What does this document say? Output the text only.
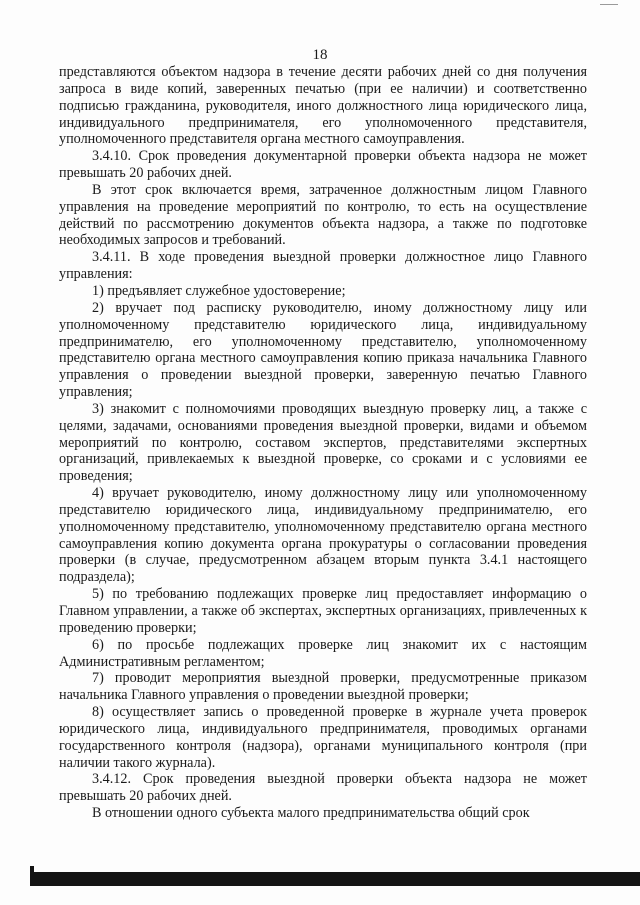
18

представляются объектом надзора в течение десяти рабочих дней со дня получения запроса в виде копий, заверенных печатью (при ее наличии) и соответственно подписью гражданина, руководителя, иного должностного лица юридического лица, индивидуального предпринимателя, его уполномоченного представителя, уполномоченного представителя органа местного самоуправления.

3.4.10. Срок проведения документарной проверки объекта надзора не может превышать 20 рабочих дней.

В этот срок включается время, затраченное должностным лицом Главного управления на проведение мероприятий по контролю, то есть на осуществление действий по рассмотрению документов объекта надзора, а также по подготовке необходимых запросов и требований.

3.4.11. В ходе проведения выездной проверки должностное лицо Главного управления:

1) предъявляет служебное удостоверение;

2) вручает под расписку руководителю, иному должностному лицу или уполномоченному представителю юридического лица, индивидуальному предпринимателю, его уполномоченному представителю, уполномоченному представителю органа местного самоуправления копию приказа начальника Главного управления о проведении выездной проверки, заверенную печатью Главного управления;

3) знакомит с полномочиями проводящих выездную проверку лиц, а также с целями, задачами, основаниями проведения выездной проверки, видами и объемом мероприятий по контролю, составом экспертов, представителями экспертных организаций, привлекаемых к выездной проверке, со сроками и с условиями ее проведения;

4) вручает руководителю, иному должностному лицу или уполномоченному представителю юридического лица, индивидуальному предпринимателю, его уполномоченному представителю, уполномоченному представителю органа местного самоуправления копию документа органа прокуратуры о согласовании проведения проверки (в случае, предусмотренном абзацем вторым пункта 3.4.1 настоящего подраздела);

5) по требованию подлежащих проверке лиц предоставляет информацию о Главном управлении, а также об экспертах, экспертных организациях, привлеченных к проведению проверки;

6) по просьбе подлежащих проверке лиц знакомит их с настоящим Административным регламентом;

7) проводит мероприятия выездной проверки, предусмотренные приказом начальника Главного управления о проведении выездной проверки;

8) осуществляет запись о проведенной проверке в журнале учета проверок юридического лица, индивидуального предпринимателя, проводимых органами государственного контроля (надзора), органами муниципального контроля (при наличии такого журнала).

3.4.12. Срок проведения выездной проверки объекта надзора не может превышать 20 рабочих дней.

В отношении одного субъекта малого предпринимательства общий срок
